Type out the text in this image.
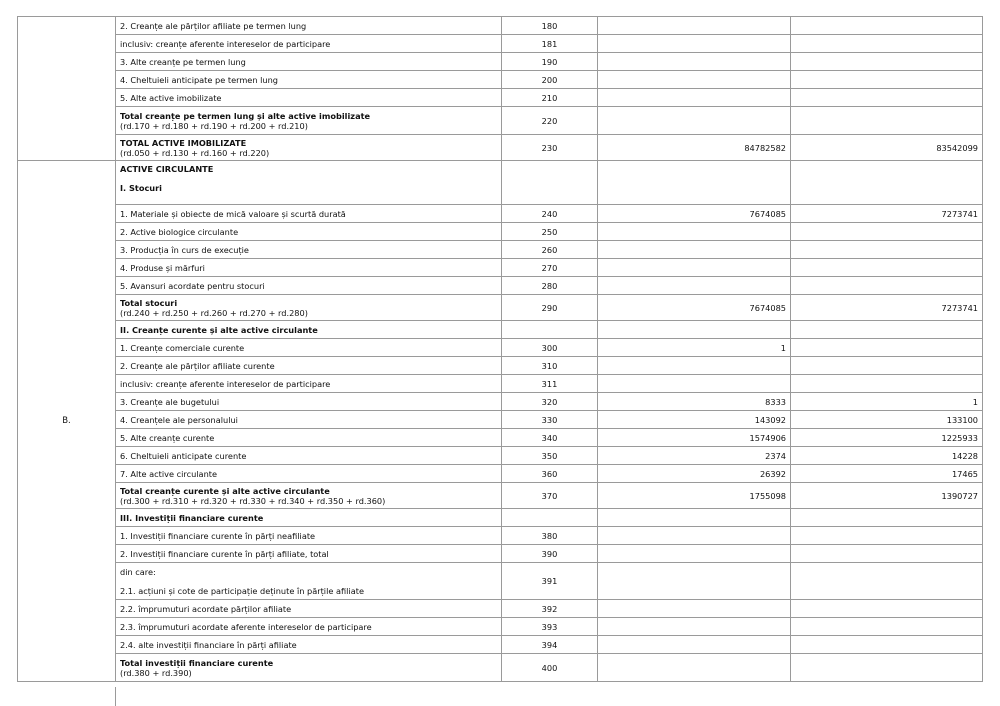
	2. Creanțe ale părților afiliate pe termen lung	180		
	inclusiv: creanțe aferente intereselor de participare	181		
	3. Alte creanțe pe termen lung	190		
	4. Cheltuieli anticipate pe termen lung	200		
	5. Alte active imobilizate	210		

	Total creanțe pe termen lung și alte active imobilizate
(rd.170 + rd.180 + rd.190 + rd.200 + rd.210)	220		

	TOTAL ACTIVE IMOBILIZATE
(rd.050 + rd.130 + rd.160 + rd.220)	230	84782582	83542099
B.	ACTIVE CIRCULANTE
I. Stocuri			

	1. Materiale și obiecte de mică valoare și scurtă durată	240	7674085	7273741
	2. Active biologice circulante	250		
	3. Producția în curs de execuție	260		
	4. Produse și mărfuri	270		
	5. Avansuri acordate pentru stocuri	280		

	Total stocuri
(rd.240 + rd.250 + rd.260 + rd.270 + rd.280)	290	7674085	7273741
	II. Creanțe curente și alte active circulante			
	1. Creanțe comerciale curente	300	1	
	2. Creanțe ale părților afiliate curente	310		
	inclusiv: creanțe aferente intereselor de participare	311		
	3. Creanțe ale bugetului	320	8333	1
	4. Creanțele ale personalului	330	143092	133100
	5. Alte creanțe curente	340	1574906	1225933
	6. Cheltuieli anticipate curente	350	2374	14228
	7. Alte active circulante	360	26392	17465

	Total creanțe curente și alte active circulante
(rd.300 + rd.310 + rd.320 + rd.330 + rd.340 + rd.350 + rd.360)	370	1755098	1390727
	III. Investiții financiare curente			
	1. Investiții financiare curente în părți neafiliate	380		
	2. Investiții financiare curente în părți afiliate, total	390		

	din care:
2.1. acțiuni și cote de participație deținute în părțile afiliate	391		
	2.2. împrumuturi acordate părților afiliate	392		
	2.3. împrumuturi acordate aferente intereselor de participare	393		
	2.4. alte investiții financiare în părți afiliate	394		

	Total investiții financiare curente
(rd.380 + rd.390)	400		
